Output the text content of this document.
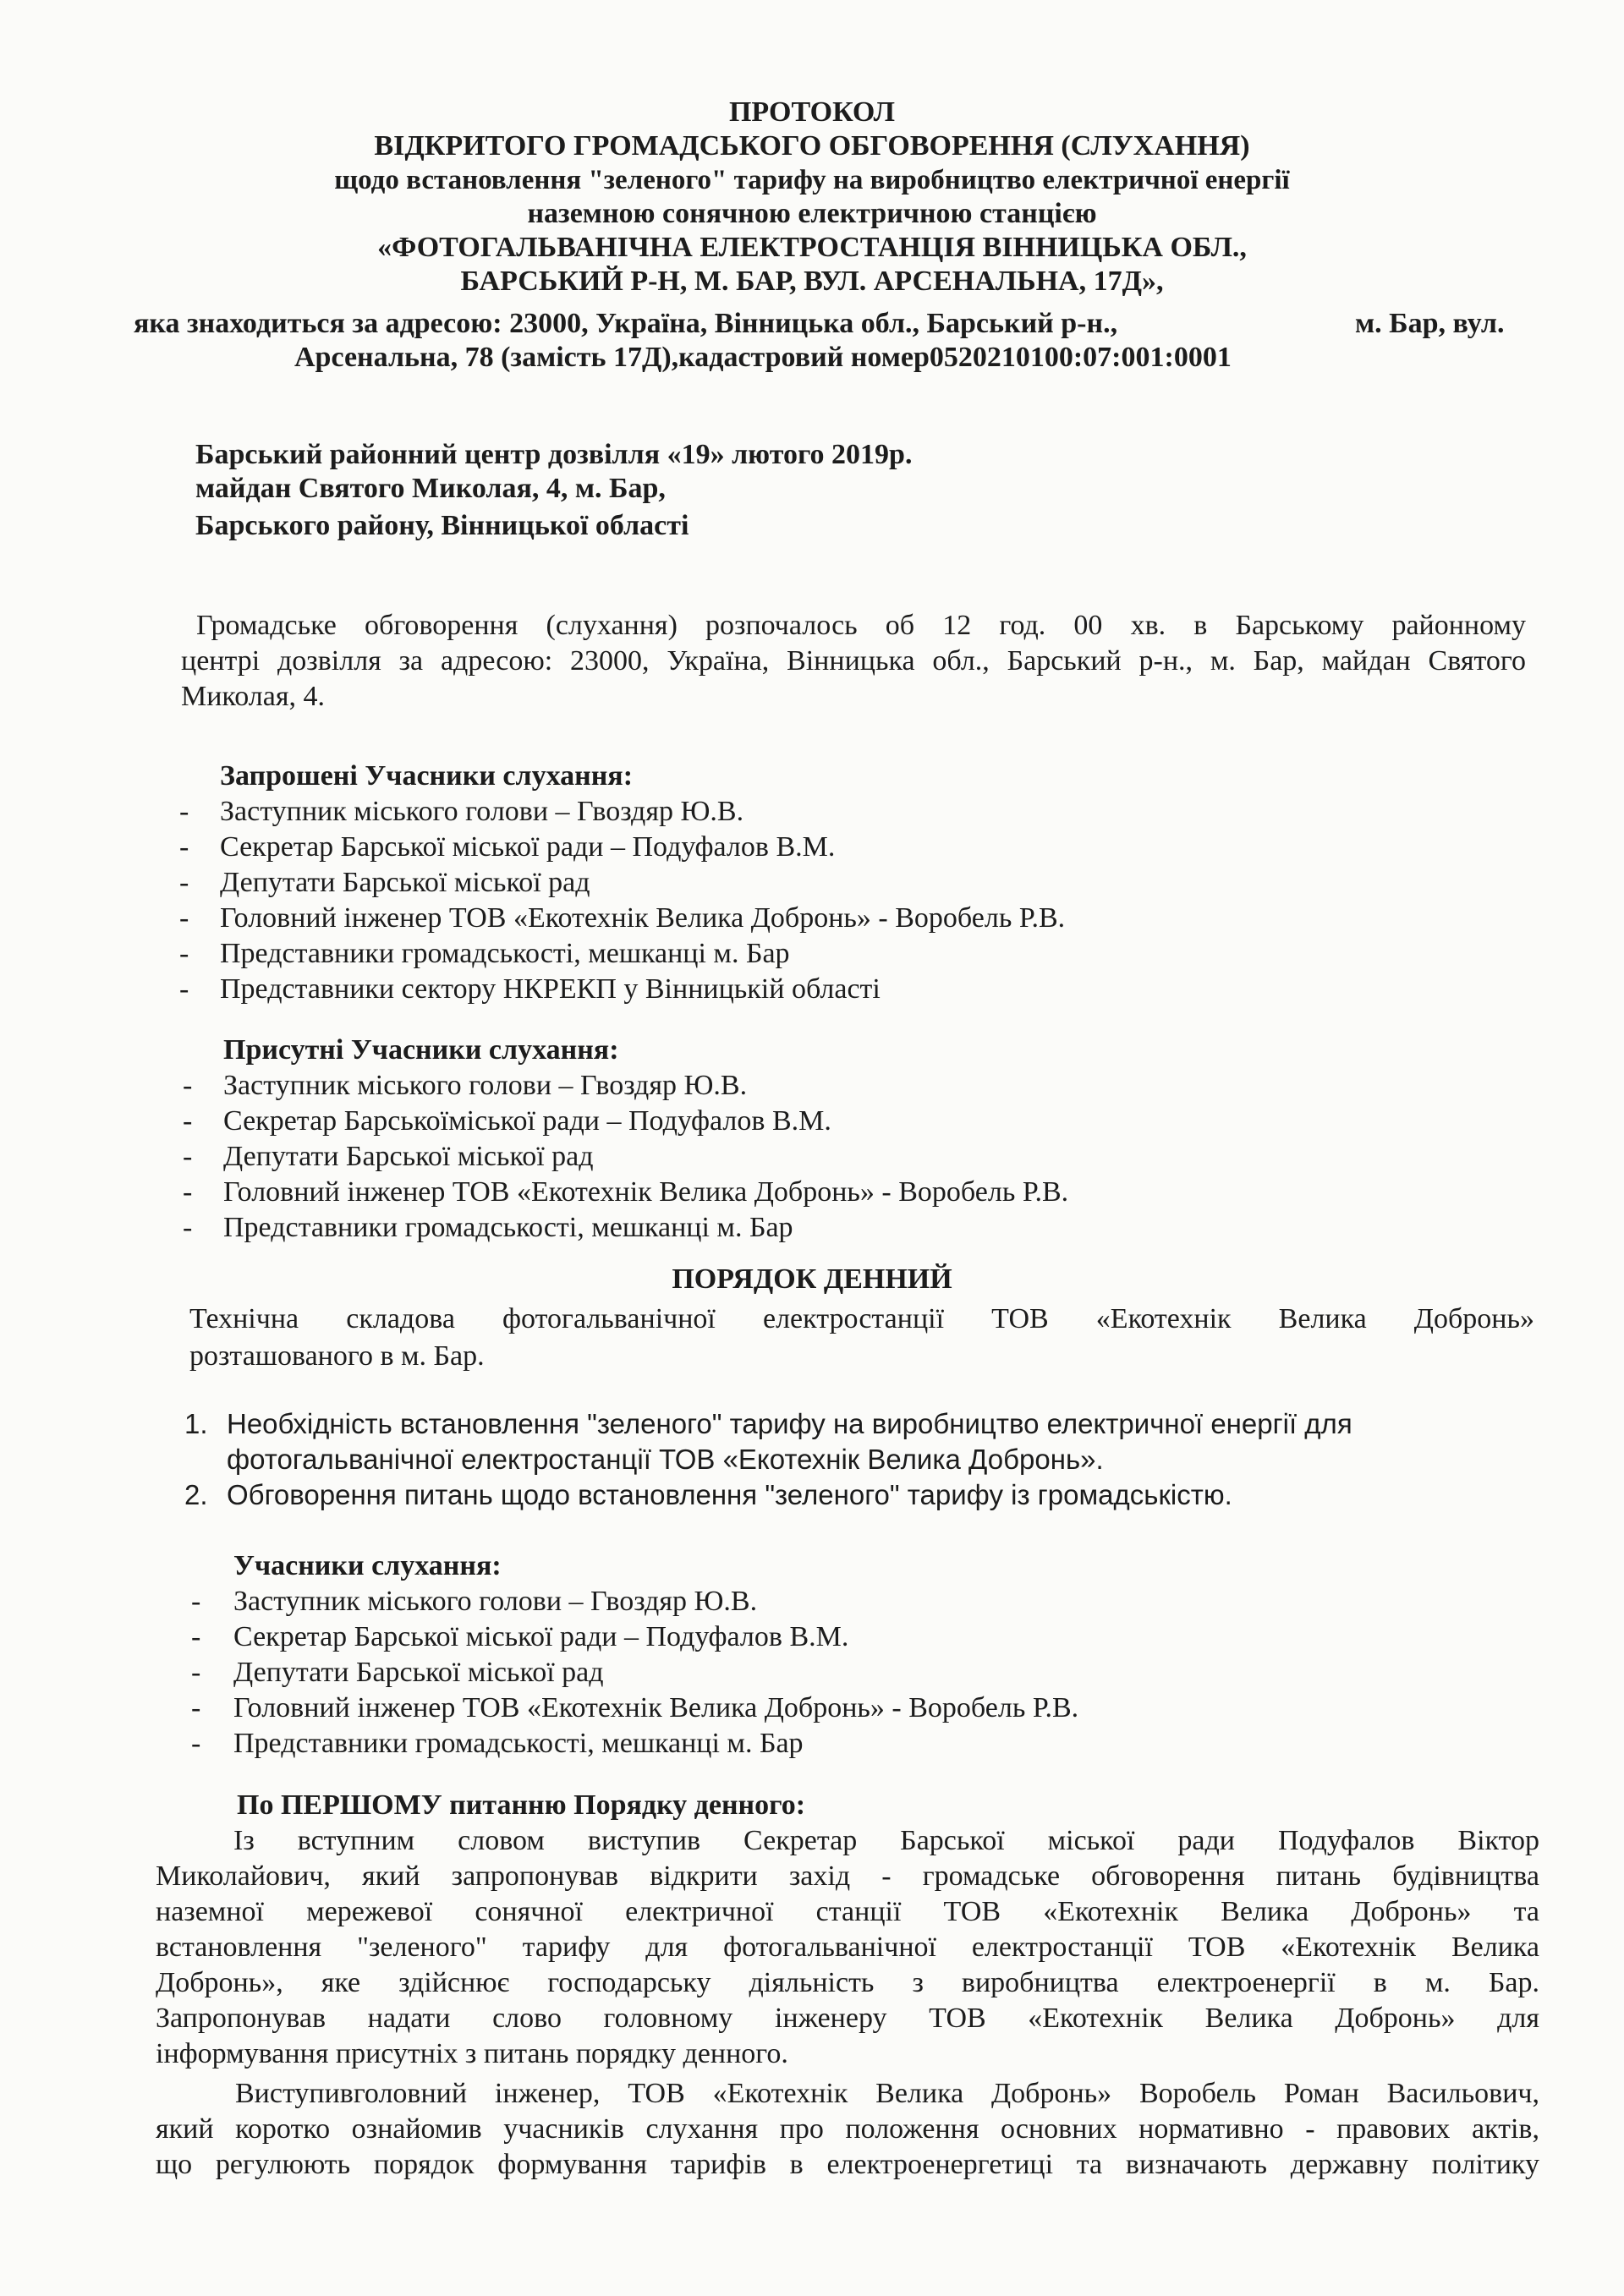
ПРОТОКОЛ
ВІДКРИТОГО ГРОМАДСЬКОГО ОБГОВОРЕННЯ (СЛУХАННЯ)
щодо встановлення "зеленого" тарифу на виробництво електричної енергії
наземною сонячною електричною станцією
«ФОТОГАЛЬВАНІЧНА ЕЛЕКТРОСТАНЦІЯ ВІННИЦЬКА ОБЛ.,
БАРСЬКИЙ Р-Н, М. БАР, ВУЛ. АРСЕНАЛЬНА, 17Д»,
яка знаходиться за адресою: 23000, Україна, Вінницька обл., Барський р-н.,	м. Бар, вул.
Арсенальна, 78 (замість 17Д),кадастровий номер0520210100:07:001:0001
Барський районний центр дозвілля «19» лютого 2019р.
майдан Святого Миколая, 4, м. Бар,
Барського району, Вінницької області
Громадське обговорення (слухання) розпочалось об 12 год. 00 хв. в Барському районному
центрі дозвілля за адресою: 23000, Україна, Вінницька обл., Барський р-н., м. Бар, майдан Святого
Миколая, 4.
Запрошені Учасники слухання:
- Заступник міського голови – Гвоздяр Ю.В.
- Секретар Барської міської ради – Подуфалов В.М.
- Депутати Барської міської рад
- Головний інженер ТОВ «Екотехнік Велика Добронь» - Воробель Р.В.
- Представники громадськості, мешканці м. Бар
- Представники сектору НКРЕКП у Вінницькій області
Присутні Учасники слухання:
- Заступник міського голови – Гвоздяр Ю.В.
- Секретар Барськоїміської ради – Подуфалов В.М.
- Депутати Барської міської рад
- Головний інженер ТОВ «Екотехнік Велика Добронь» - Воробель Р.В.
- Представники громадськості, мешканці м. Бар
ПОРЯДОК ДЕННИЙ
Технічна складова фотогальванічної електростанції ТОВ «Екотехнік Велика Добронь»
розташованого в м. Бар.
1. Необхідність встановлення "зеленого" тарифу на виробництво електричної енергії для
фотогальванічної електростанції ТОВ «Екотехнік Велика Добронь».
2. Обговорення питань щодо встановлення "зеленого" тарифу із громадськістю.
Учасники слухання:
- Заступник міського голови – Гвоздяр Ю.В.
- Секретар Барської міської ради – Подуфалов В.М.
- Депутати Барської міської рад
- Головний інженер ТОВ «Екотехнік Велика Добронь» - Воробель Р.В.
- Представники громадськості, мешканці м. Бар
По ПЕРШОМУ питанню Порядку денного:
Із вступним словом виступив Секретар Барської міської ради Подуфалов Віктор
Миколайович, який запропонував відкрити захід - громадське обговорення питань будівництва
наземної мережевої сонячної електричної станції ТОВ «Екотехнік Велика Добронь» та
встановлення "зеленого" тарифу для фотогальванічної електростанції ТОВ «Екотехнік Велика
Добронь», яке здійснює господарську діяльність з виробництва електроенергії в м. Бар.
Запропонував надати слово головному інженеру ТОВ «Екотехнік Велика Добронь» для
інформування присутніх з питань порядку денного.
Виступивголовний інженер, ТОВ «Екотехнік Велика Добронь» Воробель Роман Васильович,
який коротко ознайомив учасників слухання про положення основних нормативно - правових актів,
що регулюють порядок формування тарифів в електроенергетиці та визначають державну політику
